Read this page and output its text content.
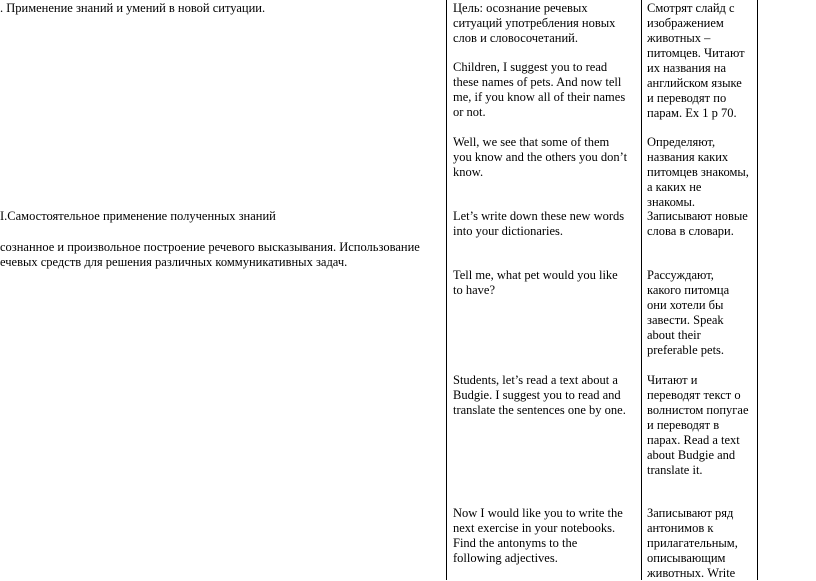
. Применение знаний и умений в новой ситуации.
I.Самостоятельное применение полученных знаний
сознанное и произвольное построение речевого высказывания. Использование
ечевых средств для решения различных коммуникативных задач.
Цель: осознание речевых
ситуаций употребления новых
слов и словосочетаний.
Children, I suggest you to read
these names of pets. And now tell
me, if you know all of their names
or not.
Well, we see that some of them
you know and the others you don’t
know.
Let’s write down these new words
into your dictionaries.
Tell me, what pet would you like
to have?
Students, let’s read a text about a
Budgie. I suggest you to read and
translate the sentences one by one.
Now I would like you to write the
next exercise in your notebooks.
Find the antonyms to the
following adjectives.
Смотрят слайд с
изображением
животных –
питомцев. Читают
их названия на
английском языке
и переводят по
парам. Ex 1 p 70.
Определяют,
названия каких
питомцев знакомы,
а каких не
знакомы.
Записывают новые
слова в словари.
Рассуждают,
какого питомца
они хотели бы
завести. Speak
about their
preferable pets.
Читают и
переводят текст о
волнистом попугае
и переводят в
парах. Read a text
about Budgie and
translate it.
Записывают ряд
антонимов к
прилагательным,
описывающим
животных. Write
